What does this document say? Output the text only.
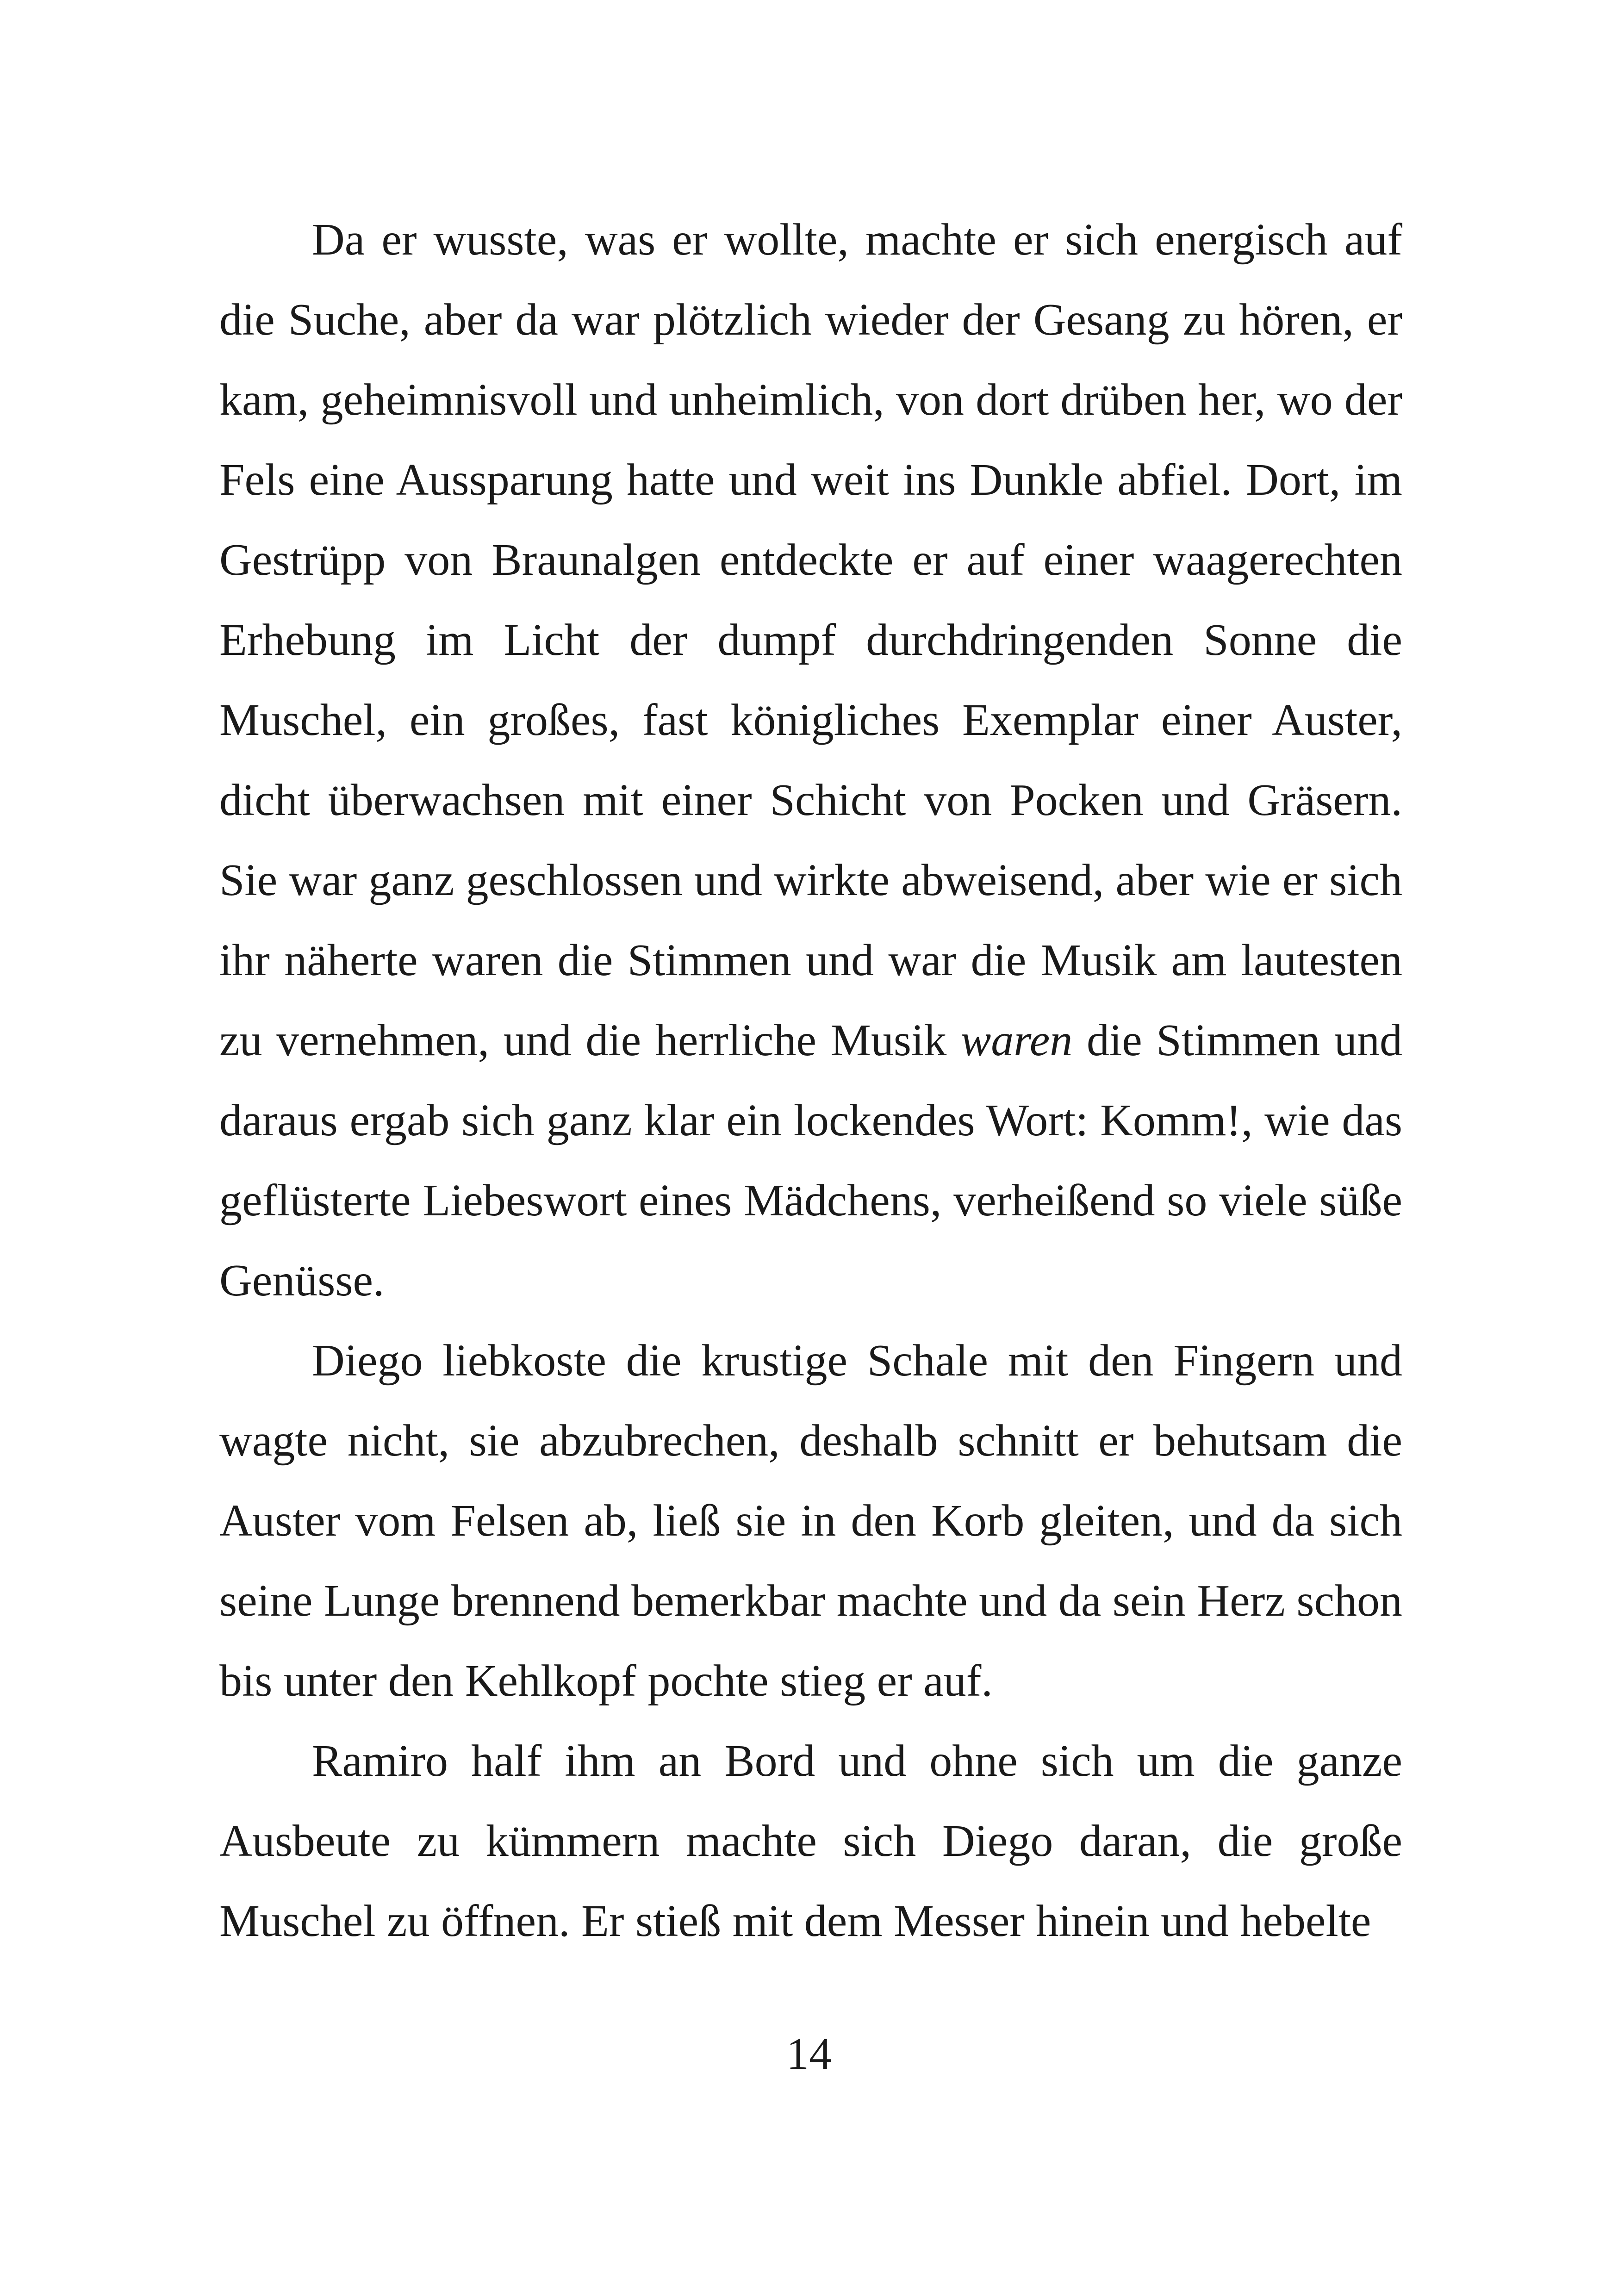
Da er wusste, was er wollte, machte er sich energisch auf die Suche, aber da war plötzlich wieder der Gesang zu hören, er kam, geheimnisvoll und unheimlich, von dort drüben her, wo der Fels eine Aussparung hatte und weit ins Dunkle abfiel. Dort, im Gestrüpp von Braunalgen entdeckte er auf einer waagerechten Erhebung im Licht der dumpf durchdringenden Sonne die Muschel, ein großes, fast königliches Exemplar einer Auster, dicht überwachsen mit einer Schicht von Pocken und Gräsern. Sie war ganz geschlossen und wirkte abweisend, aber wie er sich ihr näherte waren die Stimmen und war die Musik am lautesten zu vernehmen, und die herrliche Musik waren die Stimmen und daraus ergab sich ganz klar ein lockendes Wort: Komm!, wie das geflüsterte Liebeswort eines Mädchens, verheißend so viele süße Genüsse.

Diego liebkoste die krustige Schale mit den Fingern und wagte nicht, sie abzubrechen, deshalb schnitt er behutsam die Auster vom Felsen ab, ließ sie in den Korb gleiten, und da sich seine Lunge brennend bemerkbar machte und da sein Herz schon bis unter den Kehlkopf pochte stieg er auf.

Ramiro half ihm an Bord und ohne sich um die ganze Ausbeute zu kümmern machte sich Diego daran, die große Muschel zu öffnen. Er stieß mit dem Messer hinein und hebelte

14
